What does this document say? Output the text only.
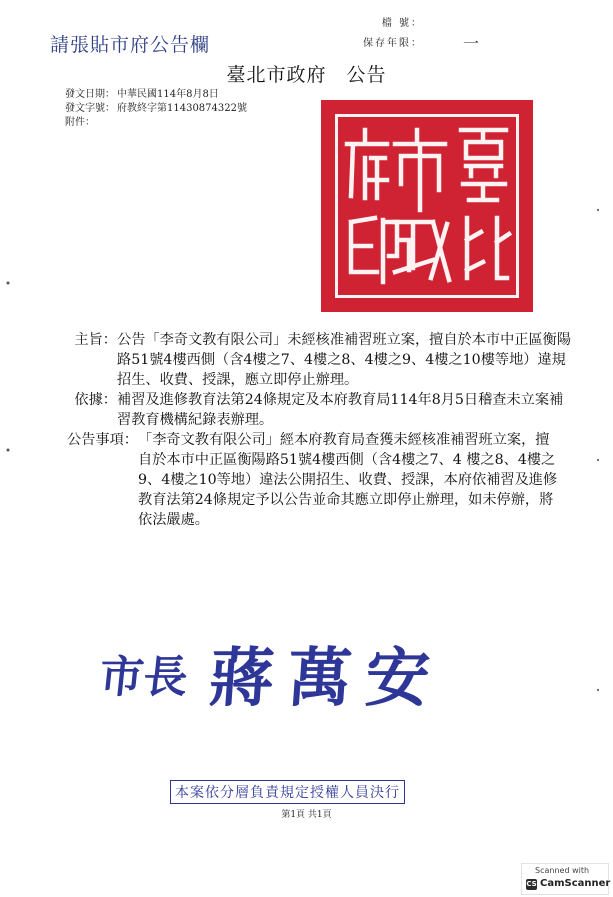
請張貼市府公告欄
檔 號：
保存年限：	一
臺北市政府　公告
發文日期： 中華民國114年8月8日
發文字號： 府教終字第11430874322號
附件：
主旨： 公告「李奇文教有限公司」未經核准補習班立案，擅自於本市中正區衡陽路51號4樓西側（含4樓之7、4樓之8、4樓之9、4樓之10樓等地）違規招生、收費、授課，應立即停止辦理。
依據： 補習及進修教育法第24條規定及本府教育局114年8月5日稽查未立案補習教育機構紀錄表辦理。
公告事項： 「李奇文教有限公司」經本府教育局查獲未經核准補習班立案，擅自於本市中正區衡陽路51號4樓西側（含4樓之7、4 樓之8、4樓之9、4樓之10等地）違法公開招生、收費、授課，本府依補習及進修教育法第24條規定予以公告並命其應立即停止辦理，如未停辦，將依法嚴處。
市長 蔣萬安
本案依分層負責規定授權人員決行
第1頁 共1頁
Scanned with
CS CamScanner
